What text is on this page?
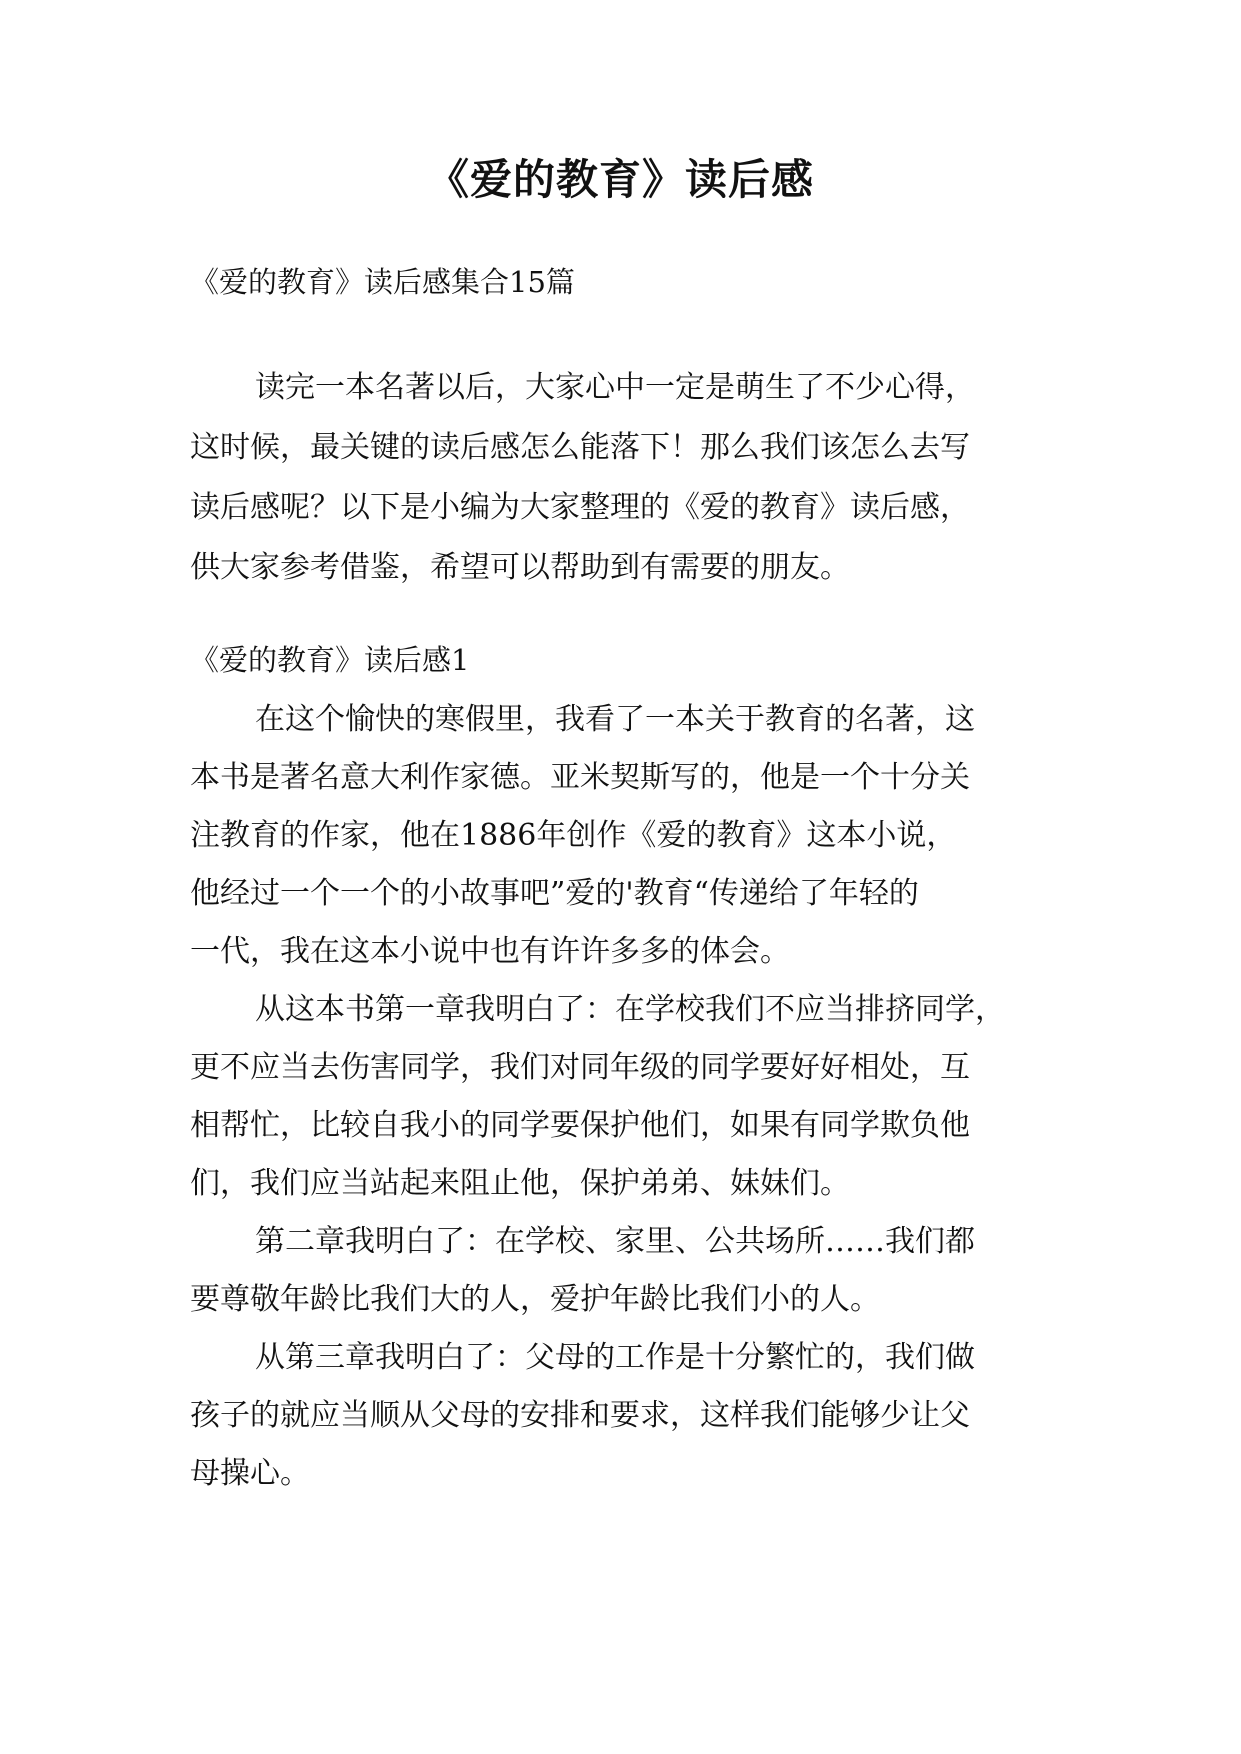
《爱的教育》读后感
《爱的教育》读后感集合15篇
读完一本名著以后，大家心中一定是萌生了不少心得，
这时候，最关键的读后感怎么能落下！那么我们该怎么去写
读后感呢？以下是小编为大家整理的《爱的教育》读后感，
供大家参考借鉴，希望可以帮助到有需要的朋友。
《爱的教育》读后感1
在这个愉快的寒假里，我看了一本关于教育的名著，这
本书是著名意大利作家德。亚米契斯写的，他是一个十分关
注教育的作家，他在1886年创作《爱的教育》这本小说，
他经过一个一个的小故事吧”爱的'教育“传递给了年轻的
一代，我在这本小说中也有许许多多的体会。
从这本书第一章我明白了：在学校我们不应当排挤同学，
更不应当去伤害同学，我们对同年级的同学要好好相处，互
相帮忙，比较自我小的同学要保护他们，如果有同学欺负他
们，我们应当站起来阻止他，保护弟弟、妹妹们。
第二章我明白了：在学校、家里、公共场所……我们都
要尊敬年龄比我们大的人，爱护年龄比我们小的人。
从第三章我明白了：父母的工作是十分繁忙的，我们做
孩子的就应当顺从父母的安排和要求，这样我们能够少让父
母操心。
